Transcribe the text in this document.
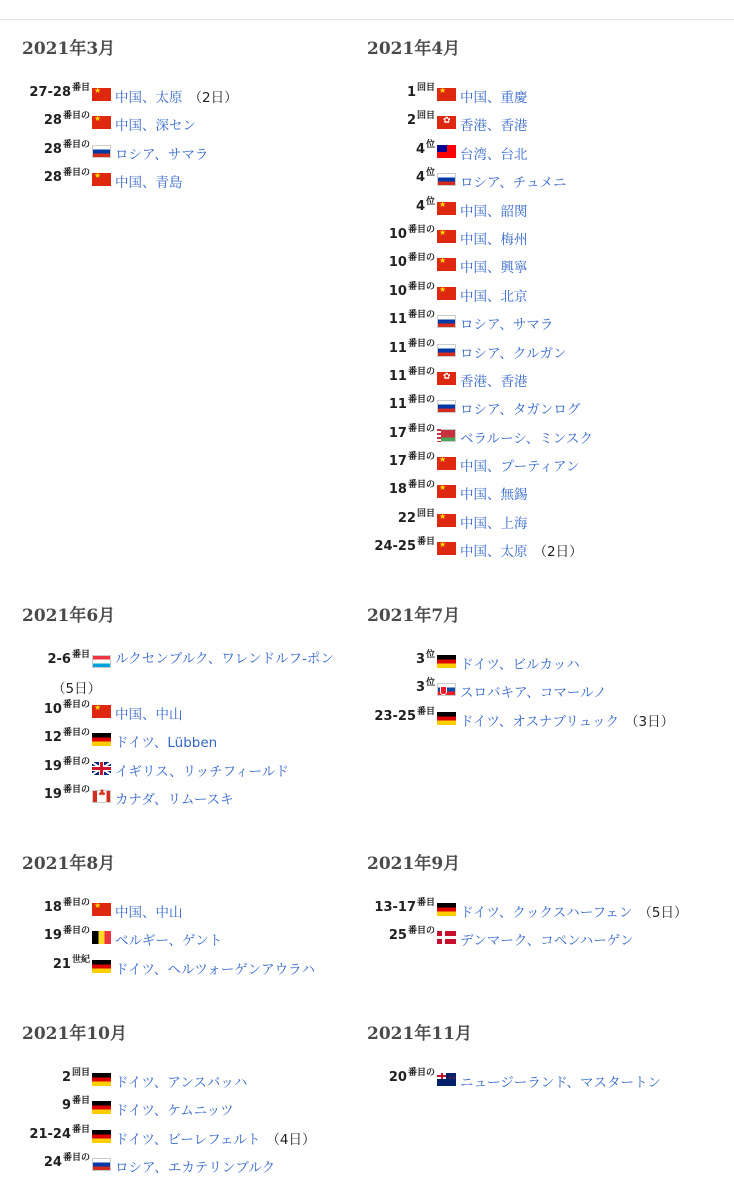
2021年3月
$27-28^{番目}$
★
中国、太原 （2日）
$28^{番目の}$
★
中国、深セン
$28^{番目の}$
ロシア、サマラ
$28^{番目の}$
★
中国、青島
2021年4月
$1^{回目}$
★
中国、重慶
$2^{回目}$
✿
香港、香港
$4^位$
台湾、台北
$4^位$
ロシア、チュメニ
$4^位$
★
中国、韶関
$10^{番目の}$
★
中国、梅州
$10^{番目の}$
★
中国、興寧
$10^{番目の}$
★
中国、北京
$11^{番目の}$
ロシア、サマラ
$11^{番目の}$
ロシア、クルガン
$11^{番目の}$
✿
香港、香港
$11^{番目の}$
ロシア、タガンログ
$17^{番目の}$
ベラルーシ、ミンスク
$17^{番目の}$
★
中国、プーティアン
$18^{番目の}$
★
中国、無錫
$22^{回目}$
★
中国、上海
$24-25^{番目}$
★
中国、太原 （2日）
2021年6月
$2-6^{番目}$ ルクセンブルク、ワレンドルフ-ポン
（5日）
$10^{番目の}$
★
中国、中山
$12^{番目の}$
ドイツ、Lübben
$19^{番目の}$
イギリス、リッチフィールド
$19^{番目の}$
♣
カナダ、リムースキ
2021年7月
$3^位$
ドイツ、ビルカッハ
$3^位$
スロバキア、コマールノ
$23-25^{番目}$
ドイツ、オスナブリュック （3日）
2021年8月
$18^{番目の}$
★
中国、中山
$19^{番目の}$
ベルギー、ゲント
$21^{世紀}$
ドイツ、ヘルツォーゲンアウラハ
2021年9月
$13-17^{番目}$
ドイツ、クックスハーフェン （5日）
$25^{番目の}$
デンマーク、コペンハーゲン
2021年10月
$2^{回目}$
ドイツ、アンスバッハ
$9^{番目}$
ドイツ、ケムニッツ
$21-24^{番目}$
ドイツ、ビーレフェルト （4日）
$24^{番目の}$
ロシア、エカテリンブルク
2021年11月
$20^{番目の}$
··
ニュージーランド、マスタートン
